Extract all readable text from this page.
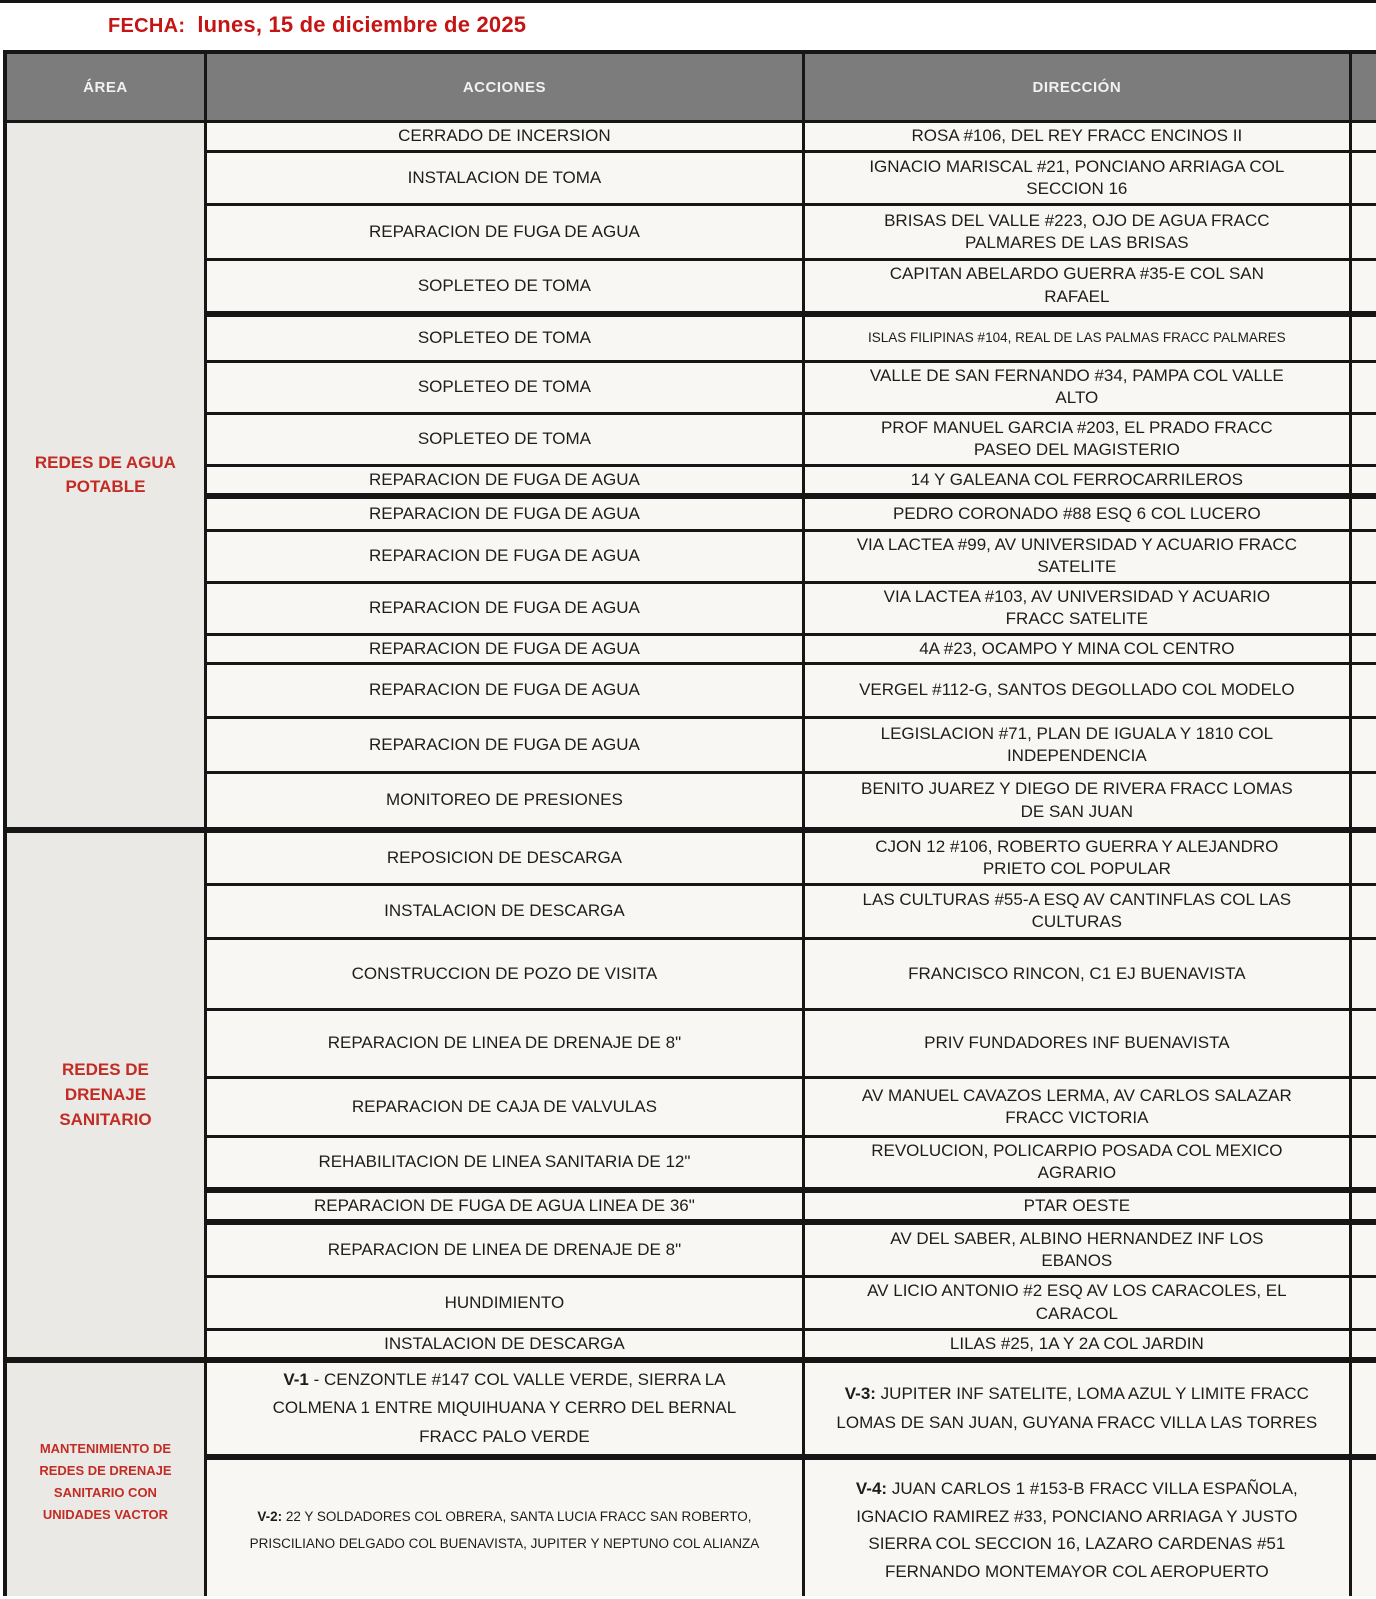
FECHA: lunes, 15 de diciembre de 2025
ÁREA	ACCIONES	DIRECCIÓN	
REDES DE AGUA POTABLE	CERRADO DE INCERSION	ROSA #106, DEL REY FRACC ENCINOS II	
	INSTALACION DE TOMA	IGNACIO MARISCAL #21, PONCIANO ARRIAGA COL SECCION 16	
	REPARACION DE FUGA DE AGUA	BRISAS DEL VALLE #223, OJO DE AGUA FRACC PALMARES DE LAS BRISAS	
	SOPLETEO DE TOMA	CAPITAN ABELARDO GUERRA #35-E COL SAN RAFAEL	
	SOPLETEO DE TOMA	ISLAS FILIPINAS #104, REAL DE LAS PALMAS FRACC PALMARES	
	SOPLETEO DE TOMA	VALLE DE SAN FERNANDO #34, PAMPA COL VALLE ALTO	
	SOPLETEO DE TOMA	PROF MANUEL GARCIA #203, EL PRADO FRACC PASEO DEL MAGISTERIO	
	REPARACION DE FUGA DE AGUA	14 Y GALEANA COL FERROCARRILEROS	
	REPARACION DE FUGA DE AGUA	PEDRO CORONADO #88 ESQ 6 COL LUCERO	
	REPARACION DE FUGA DE AGUA	VIA LACTEA #99, AV UNIVERSIDAD Y ACUARIO FRACC SATELITE	
	REPARACION DE FUGA DE AGUA	VIA LACTEA #103, AV UNIVERSIDAD Y ACUARIO FRACC SATELITE	
	REPARACION DE FUGA DE AGUA	4A #23, OCAMPO Y MINA COL CENTRO	
	REPARACION DE FUGA DE AGUA	VERGEL #112-G, SANTOS DEGOLLADO COL MODELO	
	REPARACION DE FUGA DE AGUA	LEGISLACION #71, PLAN DE IGUALA Y 1810 COL INDEPENDENCIA	
	MONITOREO DE PRESIONES	BENITO JUAREZ Y DIEGO DE RIVERA FRACC LOMAS DE SAN JUAN	
REDES DE DRENAJE SANITARIO	REPOSICION DE DESCARGA	CJON 12 #106, ROBERTO GUERRA Y ALEJANDRO PRIETO COL POPULAR	
	INSTALACION DE DESCARGA	LAS CULTURAS #55-A ESQ AV CANTINFLAS COL LAS CULTURAS	
	CONSTRUCCION DE POZO DE VISITA	FRANCISCO RINCON, C1 EJ BUENAVISTA	
	REPARACION DE LINEA DE DRENAJE DE 8"	PRIV FUNDADORES INF BUENAVISTA	
	REPARACION DE CAJA DE VALVULAS	AV MANUEL CAVAZOS LERMA, AV CARLOS SALAZAR FRACC VICTORIA	
	REHABILITACION DE LINEA SANITARIA DE 12"	REVOLUCION, POLICARPIO POSADA COL MEXICO AGRARIO	
	REPARACION DE FUGA DE AGUA LINEA DE 36"	PTAR OESTE	
	REPARACION DE LINEA DE DRENAJE DE 8"	AV DEL SABER, ALBINO HERNANDEZ INF LOS EBANOS	
	HUNDIMIENTO	AV LICIO ANTONIO #2 ESQ AV LOS CARACOLES, EL CARACOL	
	INSTALACION DE DESCARGA	LILAS #25, 1A Y 2A COL JARDIN	
MANTENIMIENTO DE REDES DE DRENAJE SANITARIO CON UNIDADES VACTOR	V-1 - CENZONTLE #147 COL VALLE VERDE, SIERRA LA COLMENA 1 ENTRE MIQUIHUANA Y CERRO DEL BERNAL FRACC PALO VERDE	V-3: JUPITER INF SATELITE, LOMA AZUL Y LIMITE FRACC LOMAS DE SAN JUAN, GUYANA FRACC VILLA LAS TORRES	
	V-2: 22 Y SOLDADORES COL OBRERA, SANTA LUCIA FRACC SAN ROBERTO, PRISCILIANO DELGADO COL BUENAVISTA, JUPITER Y NEPTUNO COL ALIANZA	V-4: JUAN CARLOS 1 #153-B FRACC VILLA ESPAÑOLA, IGNACIO RAMIREZ #33, PONCIANO ARRIAGA Y JUSTO SIERRA COL SECCION 16, LAZARO CARDENAS #51 FERNANDO MONTEMAYOR COL AEROPUERTO	
